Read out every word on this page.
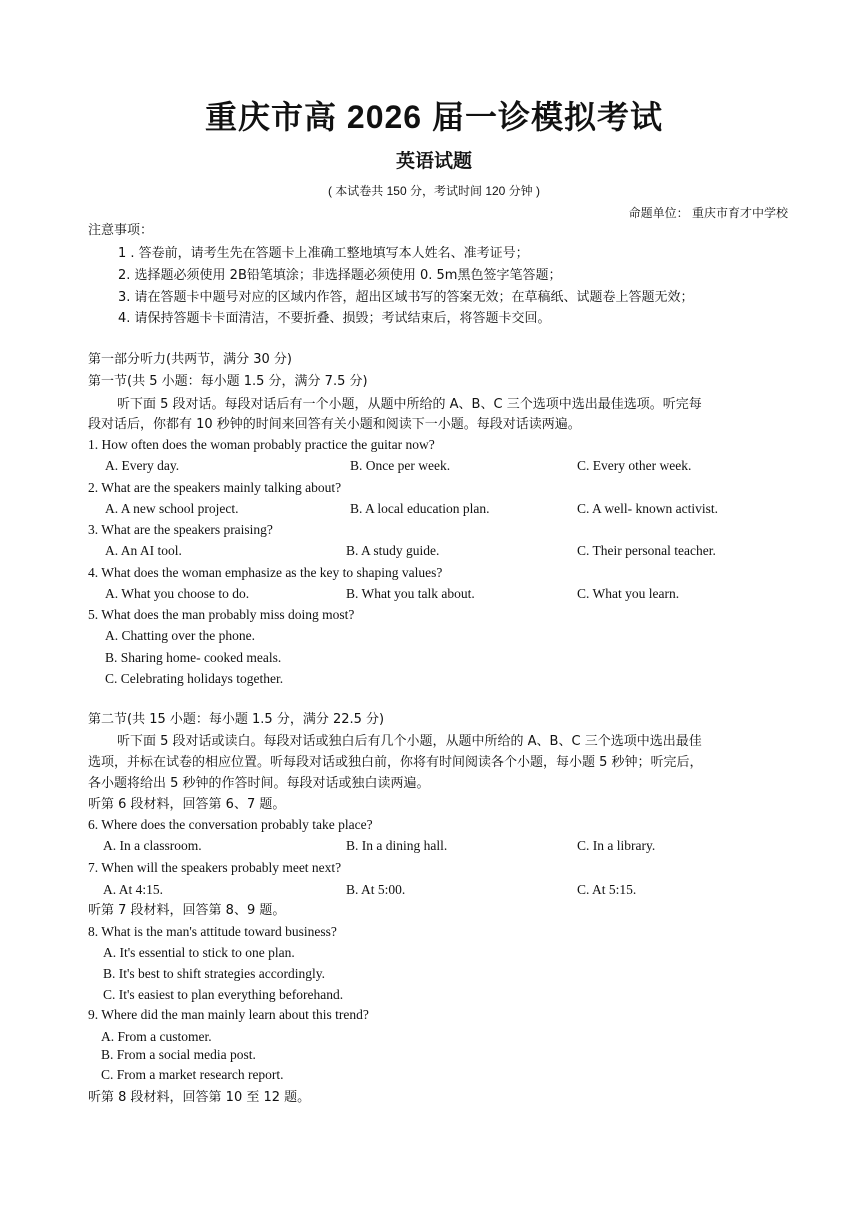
重庆市高 2026 届一诊模拟考试
英语试题
( 本试卷共 150 分，考试时间 120 分钟 )
命题单位： 重庆市育才中学校
注意事项：
1 . 答卷前，请考生先在答题卡上准确工整地填写本人姓名、准考证号；
2. 选择题必须使用 2B铅笔填涂；非选择题必须使用 0. 5m黑色签字笔答题；
3. 请在答题卡中题号对应的区域内作答，超出区域书写的答案无效；在草稿纸、试题卷上答题无效；
4. 请保持答题卡卡面清洁，不要折叠、损毁；考试结束后，将答题卡交回。
第一部分听力(共两节，满分 30 分)
第一节(共 5 小题：每小题 1.5 分，满分 7.5 分)
听下面 5 段对话。每段对话后有一个小题，从题中所给的 A、B、C 三个选项中选出最佳选项。听完每
段对话后，你都有 10 秒钟的时间来回答有关小题和阅读下一小题。每段对话读两遍。
1. How often does the woman probably practice the guitar now?
A. Every day.	B. Once per week.	C. Every other week.
2. What are the speakers mainly talking about?
A. A new school project.	B. A local education plan.	C. A well- known activist.
3. What are the speakers praising?
A. An AI tool.	B. A study guide.	C. Their personal teacher.
4. What does the woman emphasize as the key to shaping values?
A. What you choose to do.	B. What you talk about.	C. What you learn.
5. What does the man probably miss doing most?
A. Chatting over the phone.
B. Sharing home- cooked meals.
C. Celebrating holidays together.
第二节(共 15 小题：每小题 1.5 分，满分 22.5 分)
听下面 5 段对话或读白。每段对话或独白后有几个小题，从题中所给的 A、B、C 三个选项中选出最佳
选项，并标在试卷的相应位置。听每段对话或独白前，你将有时间阅读各个小题，每小题 5 秒钟；听完后，
各小题将给出 5 秒钟的作答时间。每段对话或独白读两遍。
听第 6 段材料，回答第 6、7 题。
6. Where does the conversation probably take place?
A. In a classroom.	B. In a dining hall.	C. In a library.
7. When will the speakers probably meet next?
A. At 4:15.	B. At 5:00.	C. At 5:15.
听第 7 段材料，回答第 8、9 题。
8. What is the man's attitude toward business?
A. It's essential to stick to one plan.
B. It's best to shift strategies accordingly.
C. It's easiest to plan everything beforehand.
9. Where did the man mainly learn about this trend?
A. From a customer.
B. From a social media post.
C. From a market research report.
听第 8 段材料，回答第 10 至 12 题。
